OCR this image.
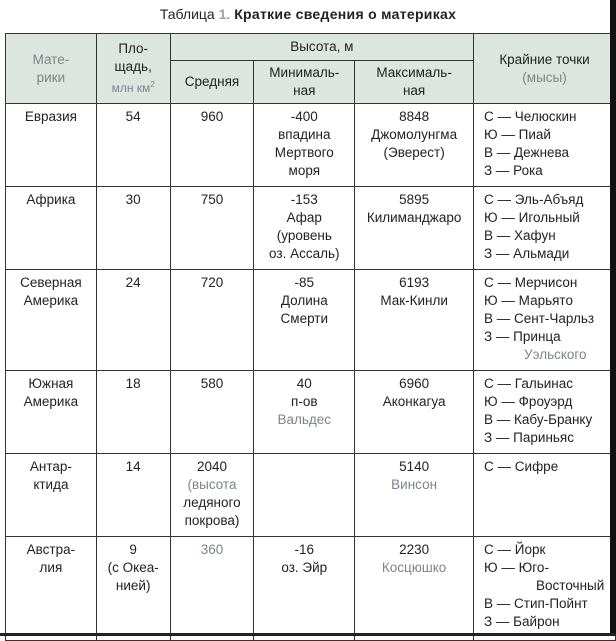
Таблица 1. Краткие сведения о материках
Мате-
рики	Пло-
щадь,
млн $км^2$	Высота, м			Крайние точки
(мысы)

		Средняя	Минималь-
ная	Максималь-
ная	

Евразия	54	960	-400
впадина
Мертвого
моря	8848
Джомолунгма
(Эверест)	С — Челюскин
Ю — Пиай
В — Дежнева
З — Рока

Африка	30	750	-153
Афар
(уровень
оз. Ассаль)	5895
Килиманджаро	С — Эль-Абъяд
Ю — Игольный
В — Хафун
З — Альмади

Северная
Америка	24	720	-85
Долина
Смерти	6193
Мак-Кинли	С — Мерчисон
Ю — Марьято
В — Сент-Чарльз
З — Принца
Уэльского

Южная
Америка	18	580	40
п-ов
Вальдес	6960
Аконкагуа	С — Гальинас
Ю — Фроуэрд
В — Кабу-Бранку
З — Париньяс

Антар-
ктида	14	2040
(высота
ледяного
покрова)		5140
Винсон	С — Сифре

Австра-
лия	9
(с Океа-
нией)	360	-16
оз. Эйр	2230
Косцюшко	С — Йорк
Ю — Юго-
Восточный
В — Стип-Пойнт
З — Байрон
